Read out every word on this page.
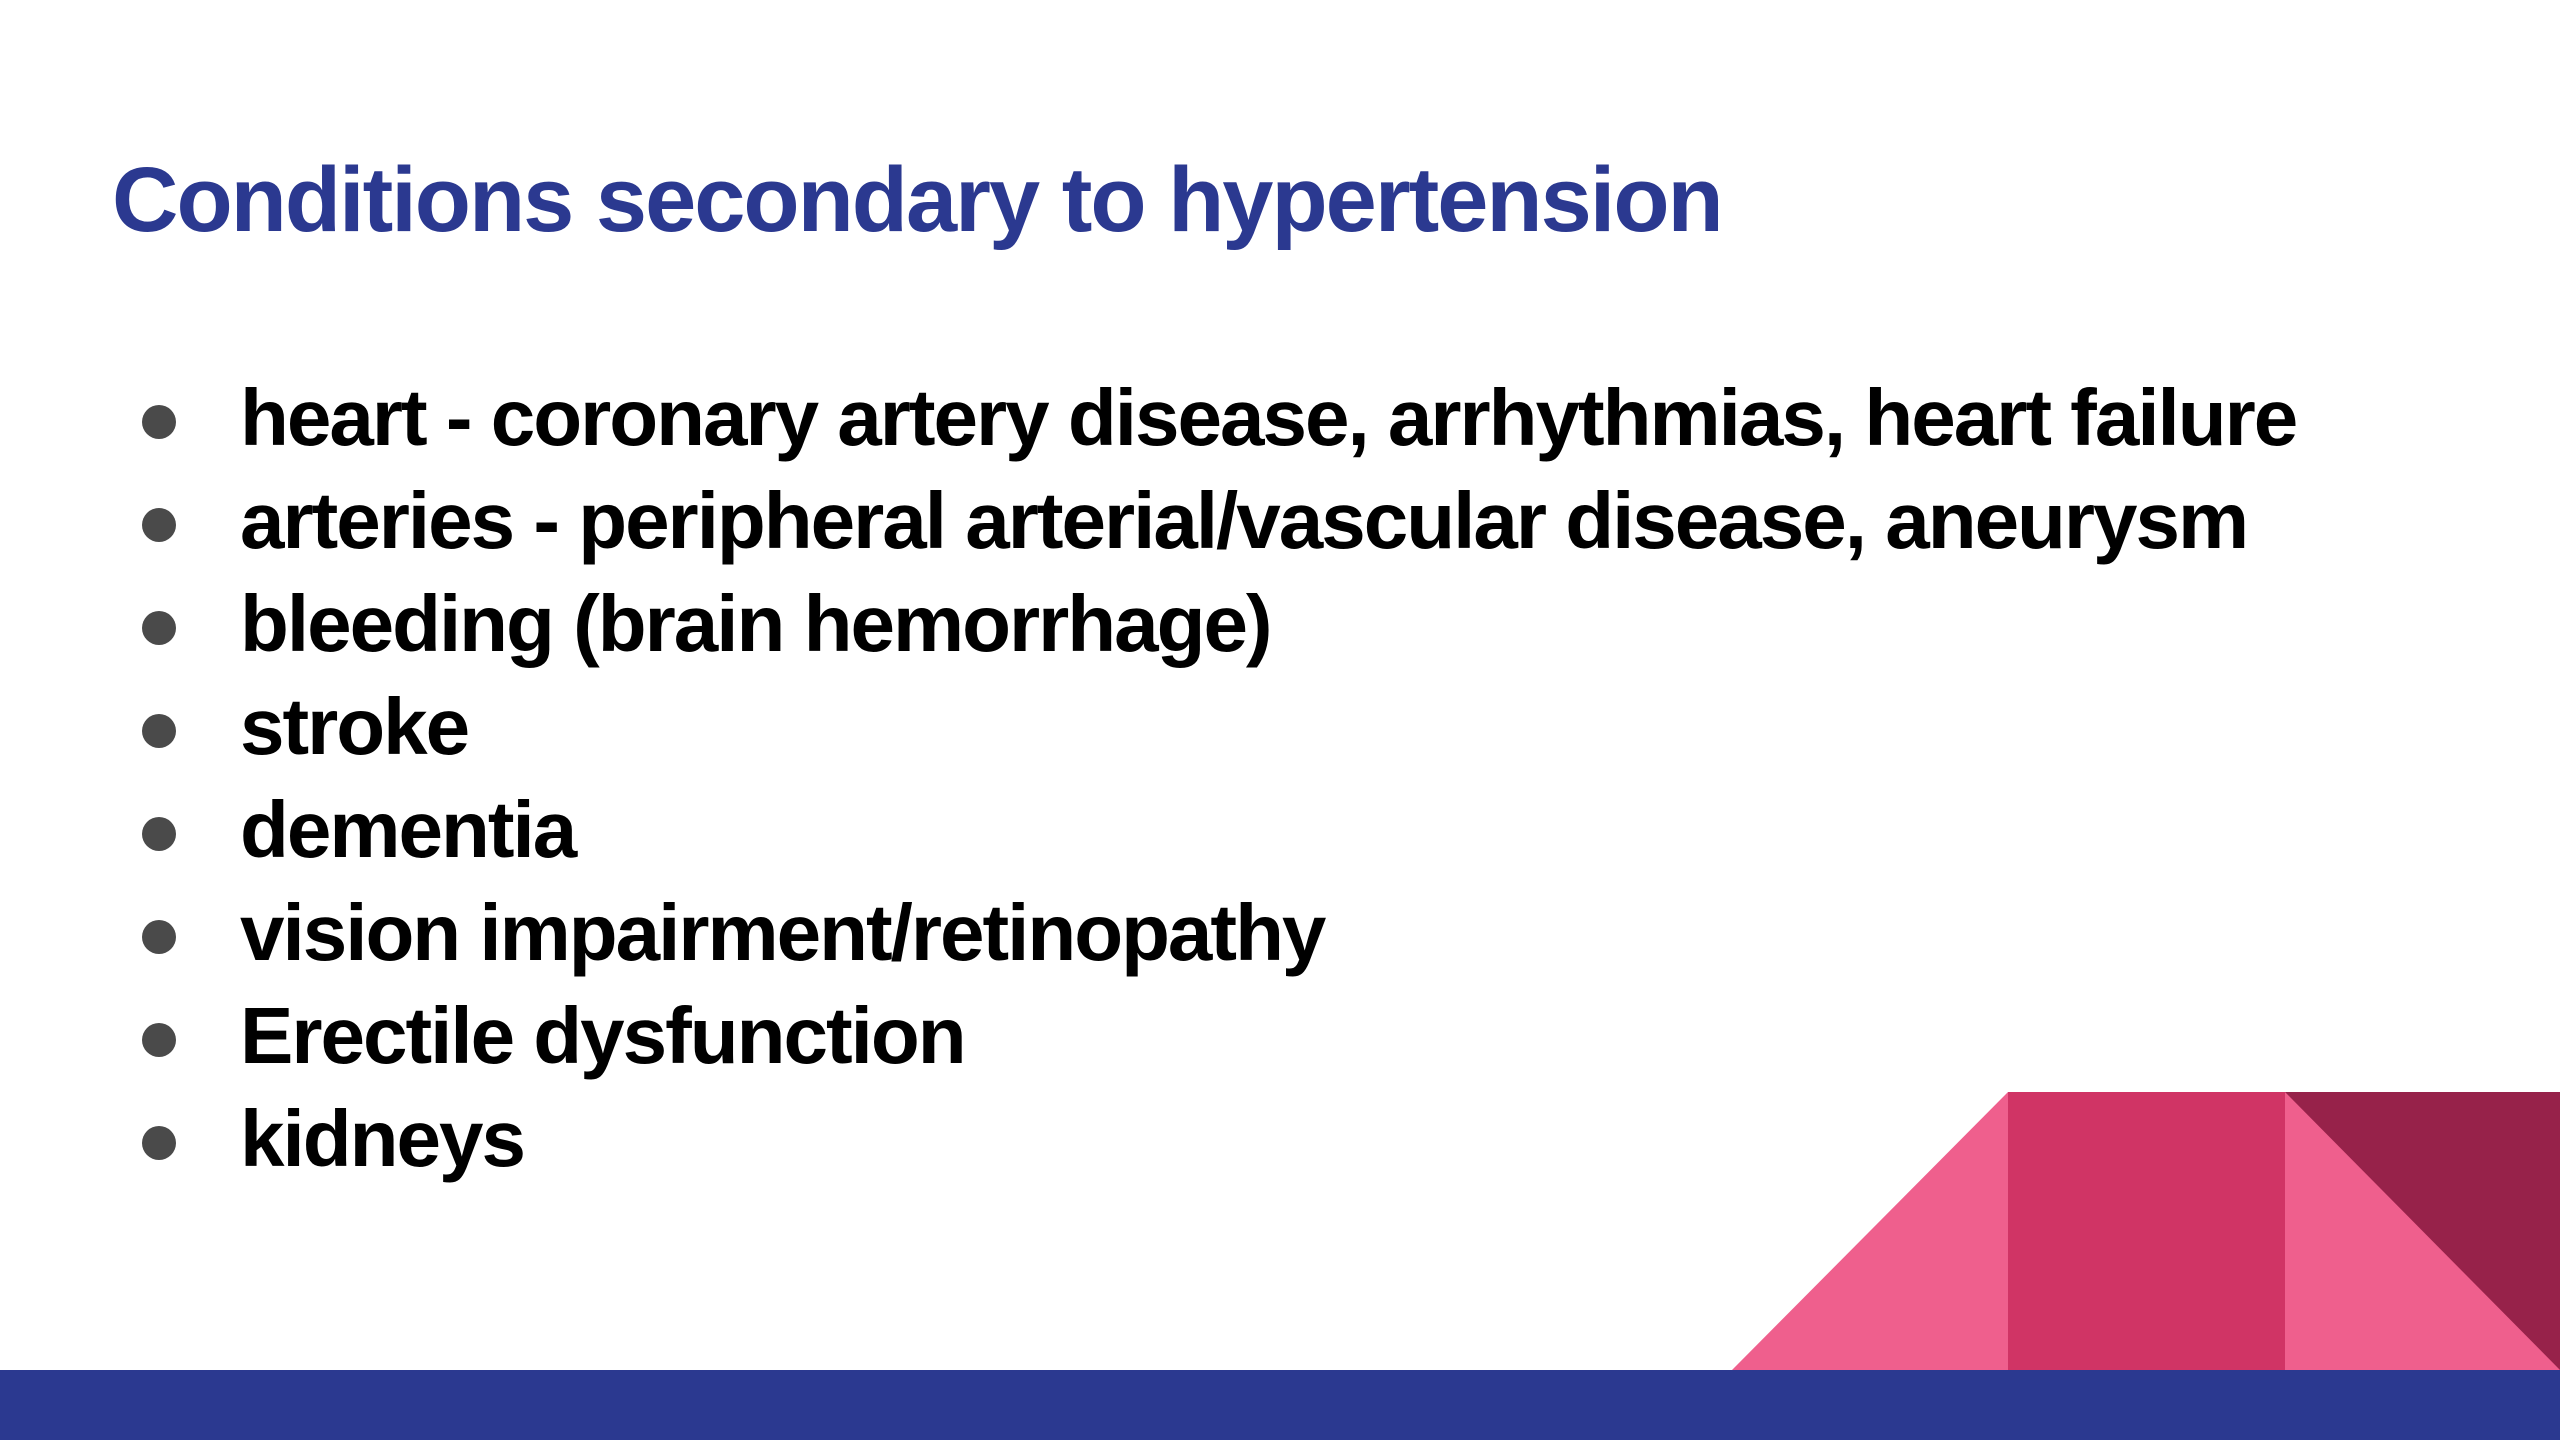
Conditions secondary to hypertension
heart - coronary artery disease, arrhythmias, heart failure
arteries - peripheral arterial/vascular disease, aneurysm
bleeding (brain hemorrhage)
stroke
dementia
vision impairment/retinopathy
Erectile dysfunction
kidneys
